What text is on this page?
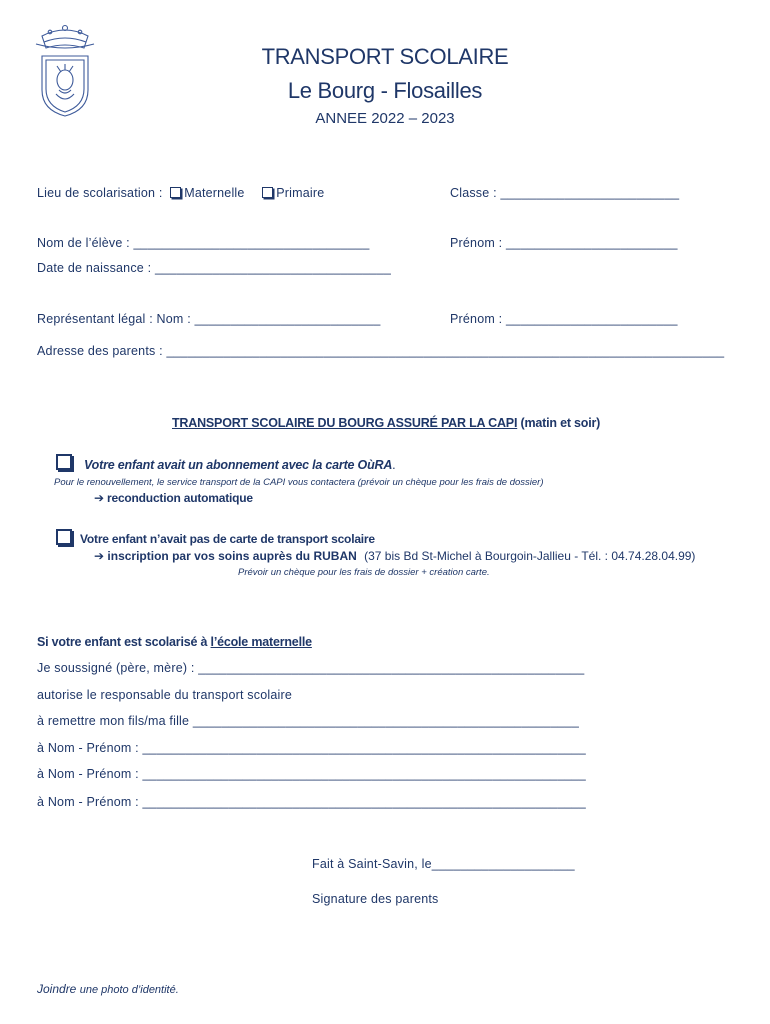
TRANSPORT SCOLAIRE
Le Bourg - Flosailles
ANNEE 2022 – 2023
Lieu de scolarisation : Maternelle	Primaire	Classe : _________________________
Nom de l’élève : _________________________________	Prénom : ________________________
Date de naissance : _________________________________
Représentant légal : Nom : __________________________	Prénom : ________________________
Adresse des parents : ______________________________________________________________________________
TRANSPORT SCOLAIRE DU BOURG ASSURÉ PAR LA CAPI (matin et soir)
Votre enfant avait un abonnement avec la carte OùRA.
Pour le renouvellement, le service transport de la CAPI vous contactera (prévoir un chèque pour les frais de dossier)
➔ reconduction automatique
Votre enfant n’avait pas de carte de transport scolaire
➔ inscription par vos soins auprès du RUBAN (37 bis Bd St-Michel à Bourgoin-Jallieu - Tél. : 04.74.28.04.99)
Prévoir un chèque pour les frais de dossier + création carte.
Si votre enfant est scolarisé à l’école maternelle
Je soussigné (père, mère) : ______________________________________________________
autorise le responsable du transport scolaire
à remettre mon fils/ma fille ______________________________________________________
à Nom - Prénom : ______________________________________________________________
à Nom - Prénom : ______________________________________________________________
à Nom - Prénom : ______________________________________________________________
Fait à Saint-Savin, le____________________
Signature des parents
Joindre une photo d’identité.
